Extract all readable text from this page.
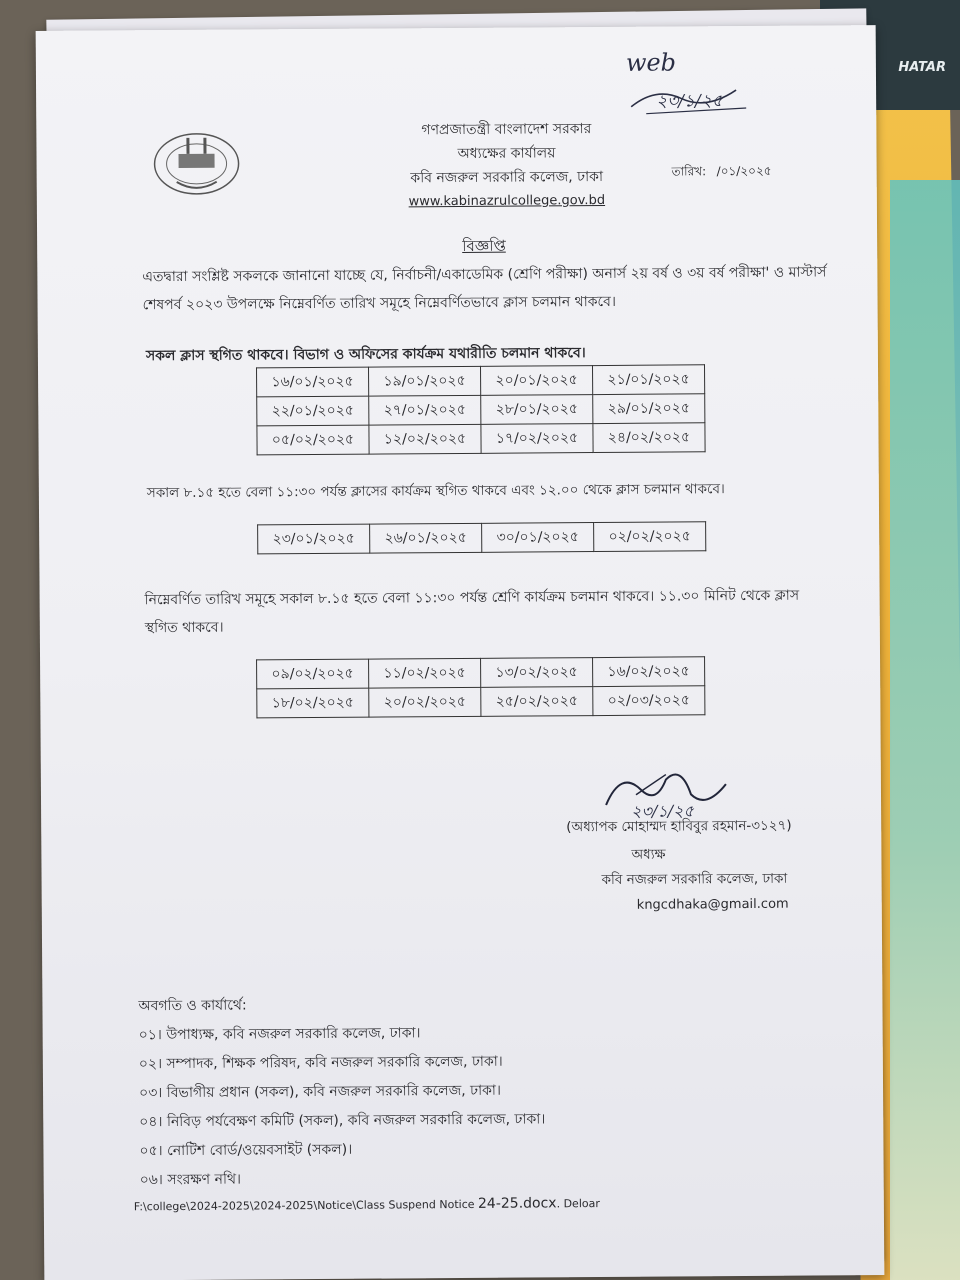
HATAR
গণপ্রজাতন্ত্রী বাংলাদেশ সরকার
অধ্যক্ষের কার্যালয়
কবি নজরুল সরকারি কলেজ, ঢাকা
www.kabinazrulcollege.gov.bd
তারিখ: /০১/২০২৫
web
২৩/১/২৫
বিজ্ঞপ্তি
এতদ্বারা সংশ্লিষ্ট সকলকে জানানো যাচ্ছে যে, নির্বাচনী/একাডেমিক (শ্রেণি পরীক্ষা) অনার্স ২য় বর্ষ ও ৩য় বর্ষ পরীক্ষা' ও মাস্টার্স শেষপর্ব ২০২৩ উপলক্ষে নিম্নেবর্ণিত তারিখ সমূহে নিম্নেবর্ণিতভাবে ক্লাস চলমান থাকবে।
সকল ক্লাস স্থগিত থাকবে। বিভাগ ও অফিসের কার্যক্রম যথারীতি চলমান থাকবে।
১৬/০১/২০২৫	১৯/০১/২০২৫	২০/০১/২০২৫	২১/০১/২০২৫
২২/০১/২০২৫	২৭/০১/২০২৫	২৮/০১/২০২৫	২৯/০১/২০২৫
০৫/০২/২০২৫	১২/০২/২০২৫	১৭/০২/২০২৫	২৪/০২/২০২৫
সকাল ৮.১৫ হতে বেলা ১১:৩০ পর্যন্ত ক্লাসের কার্যক্রম স্থগিত থাকবে এবং ১২.০০ থেকে ক্লাস চলমান থাকবে।
২৩/০১/২০২৫	২৬/০১/২০২৫	৩০/০১/২০২৫	০২/০২/২০২৫
নিম্নেবর্ণিত তারিখ সমূহে সকাল ৮.১৫ হতে বেলা ১১:৩০ পর্যন্ত শ্রেণি কার্যক্রম চলমান থাকবে। ১১.৩০ মিনিট থেকে ক্লাস স্থগিত থাকবে।
০৯/০২/২০২৫	১১/০২/২০২৫	১৩/০২/২০২৫	১৬/০২/২০২৫
১৮/০২/২০২৫	২০/০২/২০২৫	২৫/০২/২০২৫	০২/০৩/২০২৫
২৩/১/২৫
(অধ্যাপক মোহাম্মদ হাবিবুর রহমান-৩১২৭)
অধ্যক্ষ
কবি নজরুল সরকারি কলেজ, ঢাকা
kngcdhaka@gmail.com
অবগতি ও কার্যার্থে:
০১। উপাধ্যক্ষ, কবি নজরুল সরকারি কলেজ, ঢাকা।
০২। সম্পাদক, শিক্ষক পরিষদ, কবি নজরুল সরকারি কলেজ, ঢাকা।
০৩। বিভাগীয় প্রধান (সকল), কবি নজরুল সরকারি কলেজ, ঢাকা।
০৪। নিবিড় পর্যবেক্ষণ কমিটি (সকল), কবি নজরুল সরকারি কলেজ, ঢাকা।
০৫। নোটিশ বোর্ড/ওয়েবসাইট (সকল)।
০৬। সংরক্ষণ নথি।
F:\college\2024-2025\2024-2025\Notice\Class Suspend Notice 24-25.docx. Deloar
